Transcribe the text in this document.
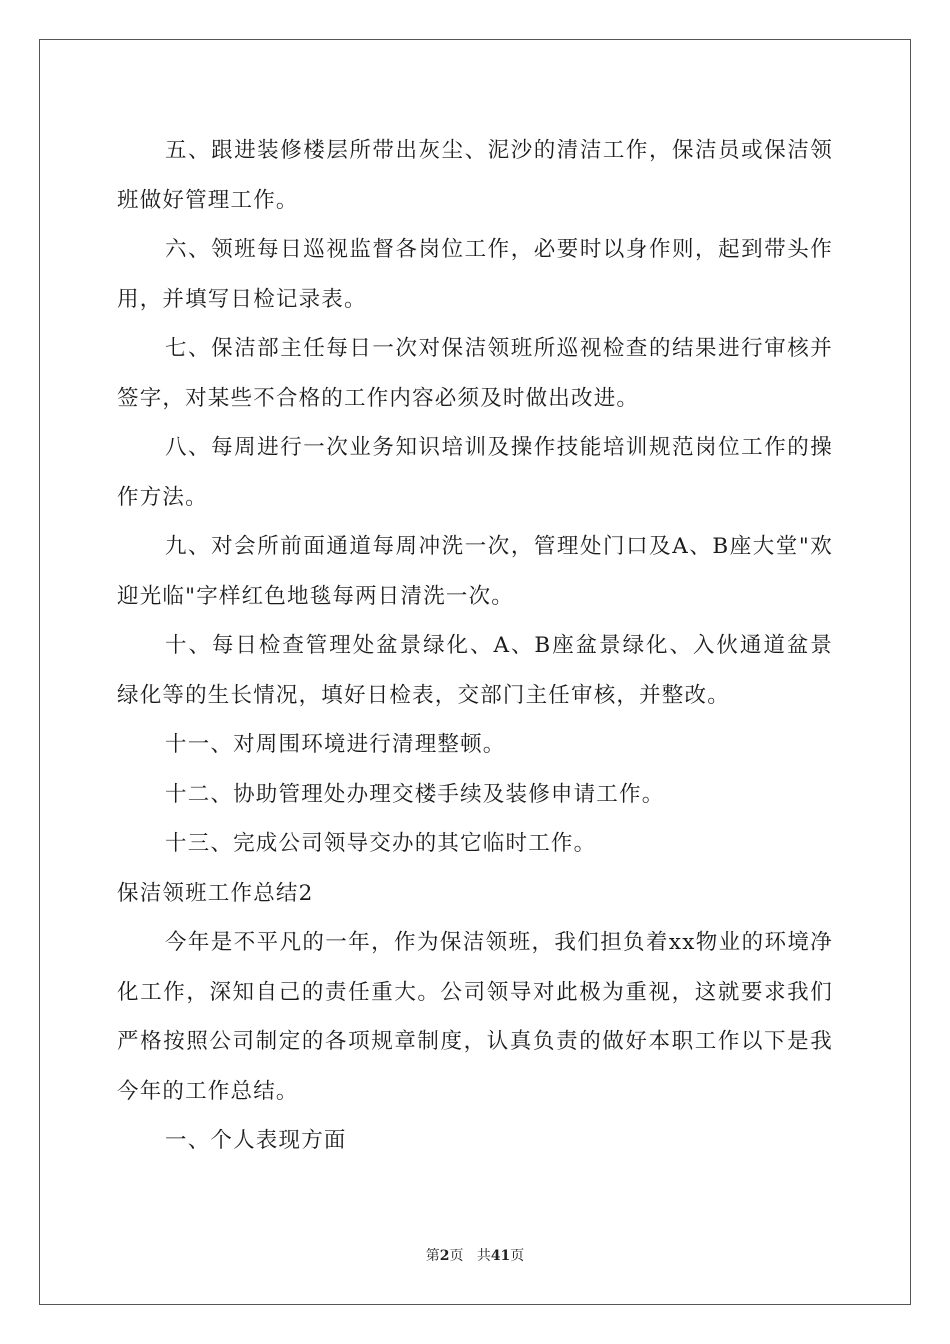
五、跟进装修楼层所带出灰尘、泥沙的清洁工作，保洁员或保洁领班做好管理工作。

六、领班每日巡视监督各岗位工作，必要时以身作则，起到带头作用，并填写日检记录表。

七、保洁部主任每日一次对保洁领班所巡视检查的结果进行审核并签字，对某些不合格的工作内容必须及时做出改进。

八、每周进行一次业务知识培训及操作技能培训规范岗位工作的操作方法。

九、对会所前面通道每周冲洗一次，管理处门口及A、B座大堂"欢迎光临"字样红色地毯每两日清洗一次。

十、每日检查管理处盆景绿化、A、B座盆景绿化、入伙通道盆景绿化等的生长情况，填好日检表，交部门主任审核，并整改。

十一、对周围环境进行清理整顿。

十二、协助管理处办理交楼手续及装修申请工作。

十三、完成公司领导交办的其它临时工作。

保洁领班工作总结2

今年是不平凡的一年，作为保洁领班，我们担负着xx物业的环境净化工作，深知自己的责任重大。公司领导对此极为重视，这就要求我们严格按照公司制定的各项规章制度，认真负责的做好本职工作以下是我今年的工作总结。

一、个人表现方面

第2页 共41页
